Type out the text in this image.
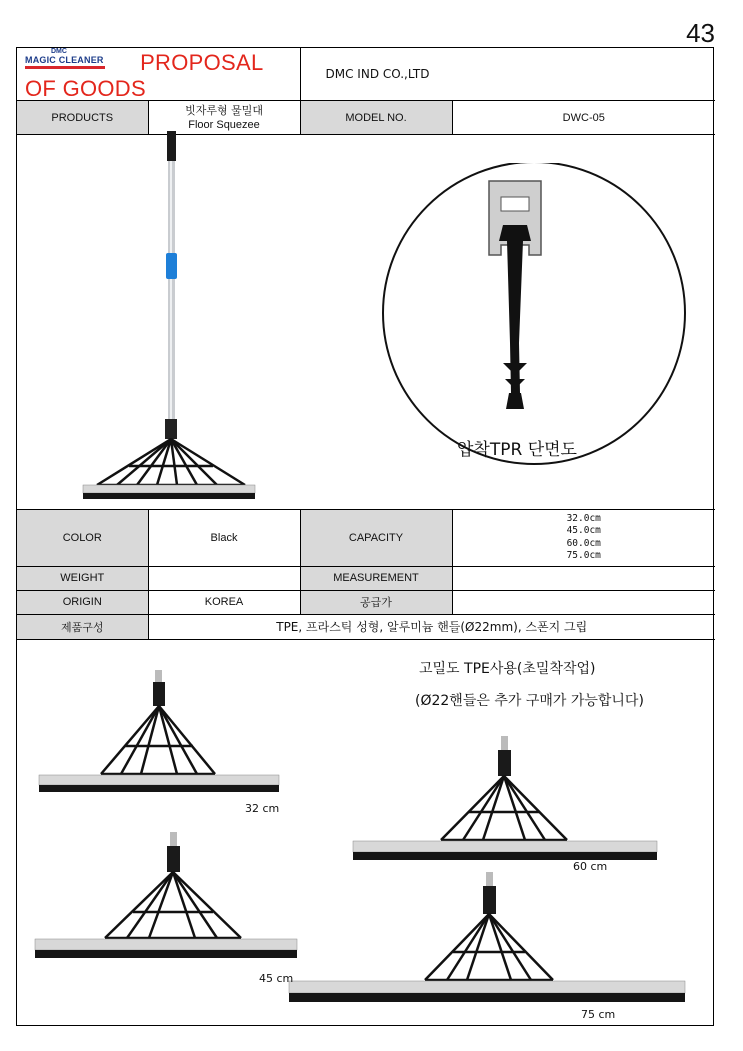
43
DMC
MAGIC CLEANER PROPOSAL OF GOODS		DMC IND CO.,LTD	
PRODUCTS	빗자루형 물밀대
Floor Squezee	MODEL NO.	DWC-05
압착TPR 단면도
COLOR	Black	CAPACITY	32.0cm
45.0cm
60.0cm
75.0cm

WEIGHT		MEASUREMENT	
ORIGIN	KOREA	공급가	
제품구성	TPE, 프라스틱 성형, 알루미늄 핸들(Ø22mm), 스폰지 그립		
고밀도 TPE사용(초밀착작업)
(Ø22핸들은 추가 구매가 가능합니다)
32 cm
45 cm
60 cm
75 cm
